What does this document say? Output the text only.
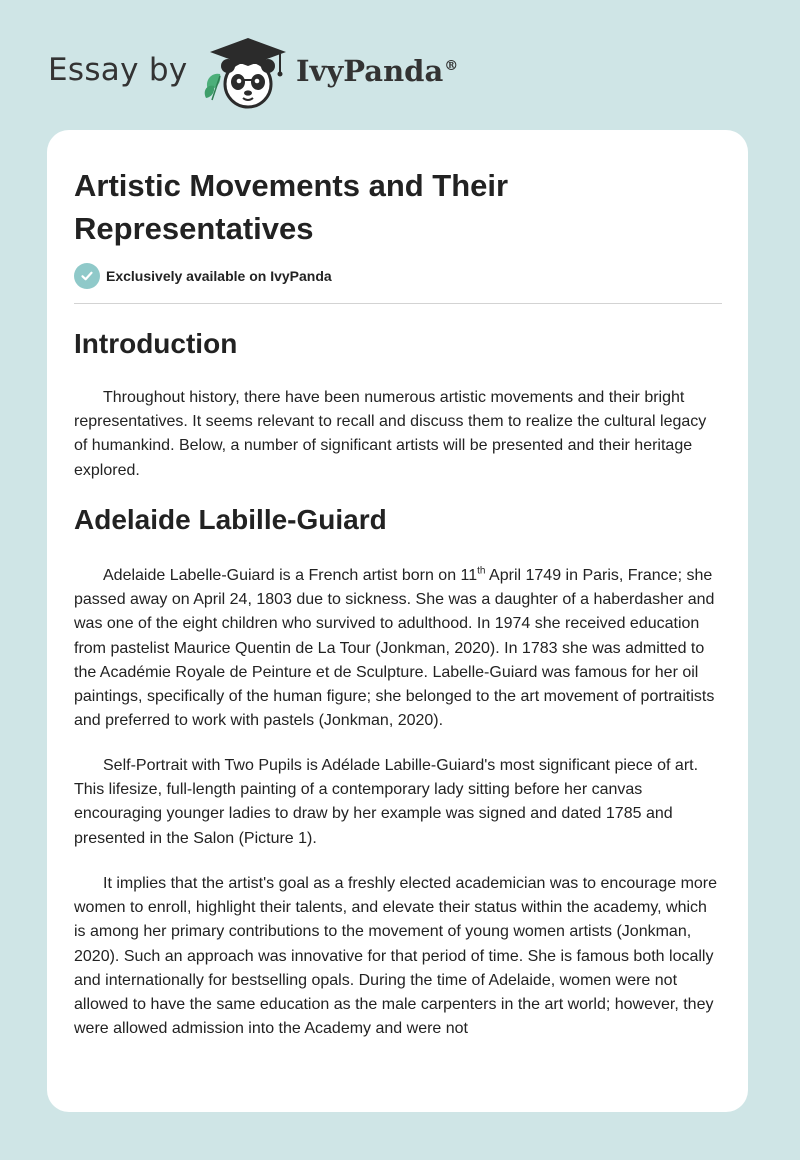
Essay by	IvyPanda®
Artistic Movements and Their Representatives
Exclusively available on IvyPanda
Introduction

Throughout history, there have been numerous artistic movements and their bright representatives. It seems relevant to recall and discuss them to realize the cultural legacy of humankind. Below, a number of significant artists will be presented and their heritage explored.

Adelaide Labille-Guiard

Adelaide Labelle-Guiard is a French artist born on 11th April 1749 in Paris, France; she passed away on April 24, 1803 due to sickness. She was a daughter of a haberdasher and was one of the eight children who survived to adulthood. In 1974 she received education from pastelist Maurice Quentin de La Tour (Jonkman, 2020). In 1783 she was admitted to the Académie Royale de Peinture et de Sculpture. Labelle-Guiard was famous for her oil paintings, specifically of the human figure; she belonged to the art movement of portraitists and preferred to work with pastels (Jonkman, 2020).

Self-Portrait with Two Pupils is Adélade Labille-Guiard's most significant piece of art. This lifesize, full-length painting of a contemporary lady sitting before her canvas encouraging younger ladies to draw by her example was signed and dated 1785 and presented in the Salon (Picture 1).

It implies that the artist's goal as a freshly elected academician was to encourage more women to enroll, highlight their talents, and elevate their status within the academy, which is among her primary contributions to the movement of young women artists (Jonkman, 2020). Such an approach was innovative for that period of time. She is famous both locally and internationally for bestselling opals. During the time of Adelaide, women were not allowed to have the same education as the male carpenters in the art world; however, they were allowed admission into the Academy and were not
